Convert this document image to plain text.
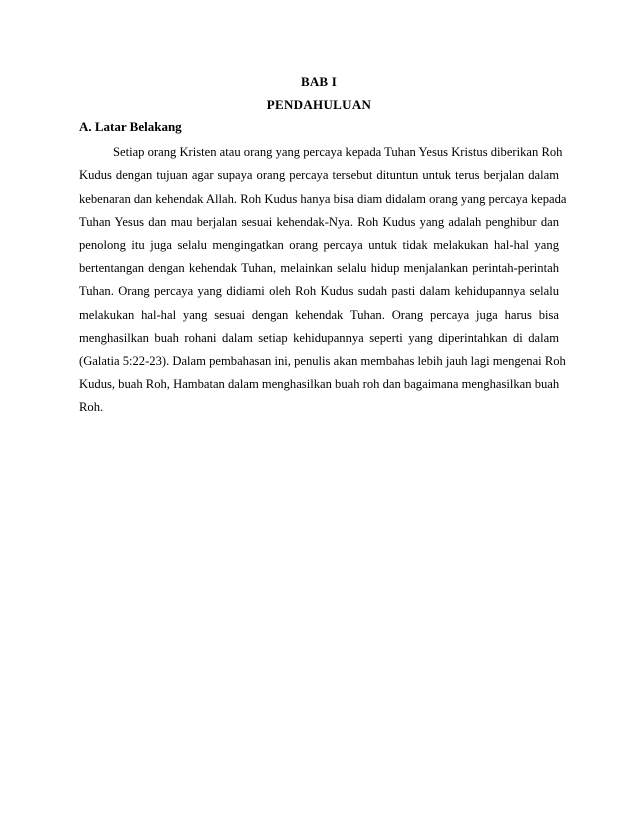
BAB I
PENDAHULUAN
A. Latar Belakang
Setiap orang Kristen atau orang yang percaya kepada Tuhan Yesus Kristus diberikan Roh
Kudus dengan tujuan agar supaya orang percaya tersebut dituntun untuk terus berjalan dalam
kebenaran dan kehendak Allah. Roh Kudus hanya bisa diam didalam orang yang percaya kepada
Tuhan Yesus dan mau berjalan sesuai kehendak-Nya. Roh Kudus yang adalah penghibur dan
penolong itu juga selalu mengingatkan orang percaya untuk tidak melakukan hal-hal yang
bertentangan dengan kehendak Tuhan, melainkan selalu hidup menjalankan perintah-perintah
Tuhan. Orang percaya yang didiami oleh Roh Kudus sudah pasti dalam kehidupannya selalu
melakukan hal-hal yang sesuai dengan kehendak Tuhan. Orang percaya juga harus bisa
menghasilkan buah rohani dalam setiap kehidupannya seperti yang diperintahkan di dalam
(Galatia 5:22-23). Dalam pembahasan ini, penulis akan membahas lebih jauh lagi mengenai Roh
Kudus, buah Roh, Hambatan dalam menghasilkan buah roh dan bagaimana menghasilkan buah
Roh.
